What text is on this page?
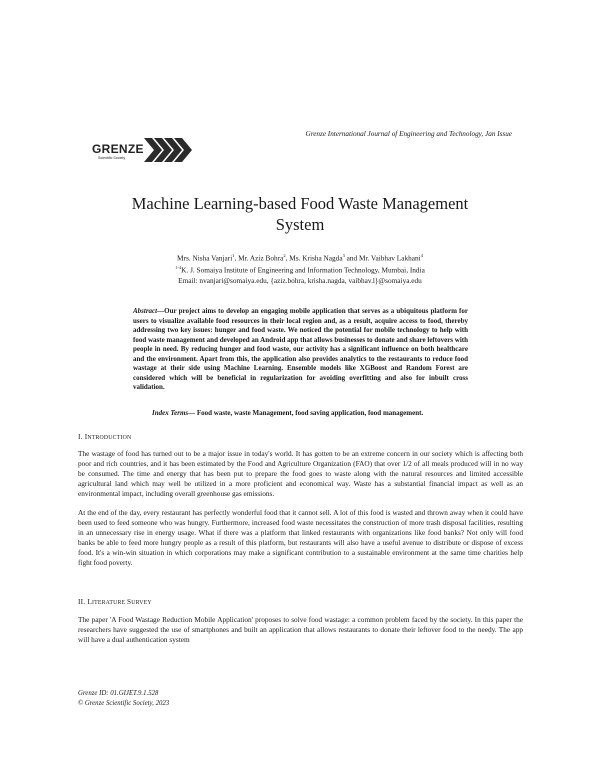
Grenze International Journal of Engineering and Technology, Jan Issue
GRENZE
Scientific Society
Machine Learning-based Food Waste Management
System
Mrs. Nisha Vanjari$^1$, Mr. Aziz Bohra$^2$, Ms. Krisha Nagda$^3$ and Mr. Vaibhav Lakhani$^4$
$^{1-4}$K. J. Somaiya Institute of Engineering and Information Technology, Mumbai, India
Email: nvanjari@somaiya.edu, {aziz.bohra, krisha.nagda, vaibhav.l}@somaiya.edu

Abstract—Our project aims to develop an engaging mobile application that serves as a ubiquitous platform for users to visualize available food resources in their local region and, as a result, acquire access to food, thereby addressing two key issues: hunger and food waste. We noticed the potential for mobile technology to help with food waste management and developed an Android app that allows businesses to donate and share leftovers with people in need. By reducing hunger and food waste, our activity has a significant influence on both healthcare and the environment. Apart from this, the application also provides analytics to the restaurants to reduce food wastage at their side using Machine Learning. Ensemble models like XGBoost and Random Forest are considered which will be beneficial in regularization for avoiding overfitting and also for inbuilt cross validation.

Index Terms— Food waste, waste Management, food saving application, food management.

I. INTRODUCTION

The wastage of food has turned out to be a major issue in today's world. It has gotten to be an extreme concern in our society which is affecting both poor and rich countries, and it has been estimated by the Food and Agriculture Organization (FAO) that over 1/2 of all meals produced will in no way be consumed. The time and energy that has been put to prepare the food goes to waste along with the natural resources and limited accessible agricultural land which may well be utilized in a more proficient and economical way. Waste has a substantial financial impact as well as an environmental impact, including overall greenhouse gas emissions.

At the end of the day, every restaurant has perfectly wonderful food that it cannot sell. A lot of this food is wasted and thrown away when it could have been used to feed someone who was hungry. Furthermore, increased food waste necessitates the construction of more trash disposal facilities, resulting in an unnecessary rise in energy usage. What if there was a platform that linked restaurants with organizations like food banks? Not only will food banks be able to feed more hungry people as a result of this platform, but restaurants will also have a useful avenue to distribute or dispose of excess food. It's a win-win situation in which corporations may make a significant contribution to a sustainable environment at the same time charities help fight food poverty.

II. LITERATURE SURVEY

The paper 'A Food Wastage Reduction Mobile Application' proposes to solve food wastage: a common problem faced by the society. In this paper the researchers have suggested the use of smartphones and built an application that allows restaurants to donate their leftover food to the needy. The app will have a dual authentication system

Grenze ID: 01.GIJET.9.1.528
© Grenze Scientific Society, 2023
